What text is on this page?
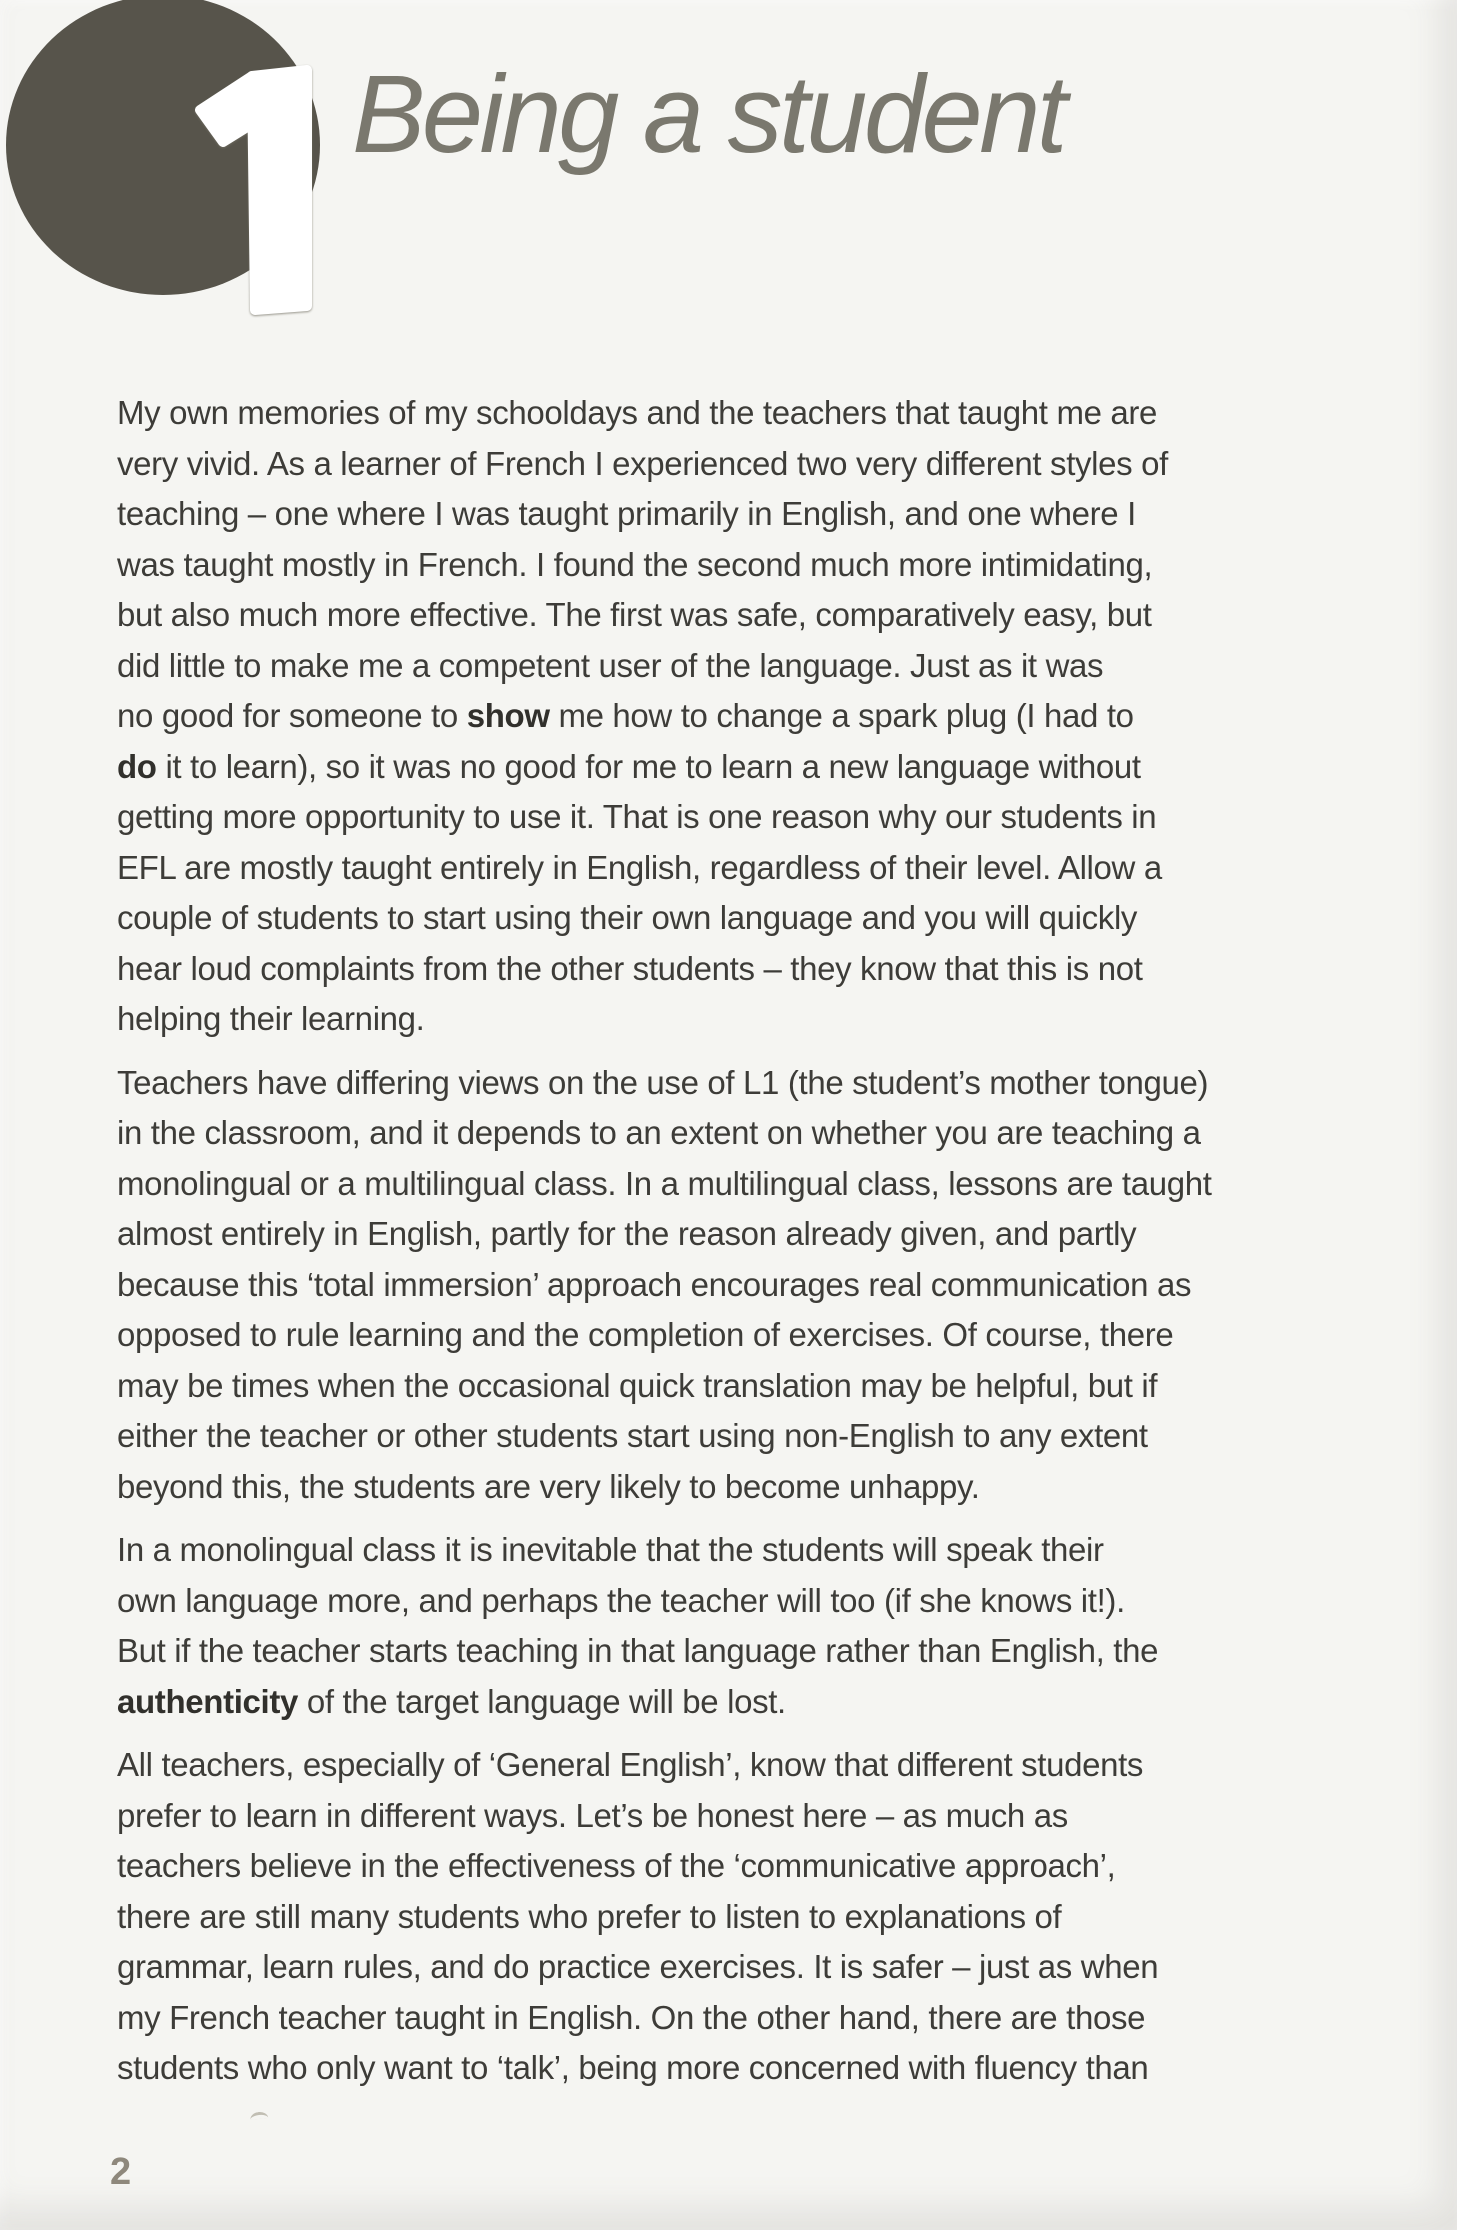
Being a student

My own memories of my schooldays and the teachers that taught me are
very vivid. As a learner of French I experienced two very different styles of
teaching – one where I was taught primarily in English, and one where I
was taught mostly in French. I found the second much more intimidating,
but also much more effective. The first was safe, comparatively easy, but
did little to make me a competent user of the language. Just as it was
no good for someone to show me how to change a spark plug (I had to
do it to learn), so it was no good for me to learn a new language without
getting more opportunity to use it. That is one reason why our students in
EFL are mostly taught entirely in English, regardless of their level. Allow a
couple of students to start using their own language and you will quickly
hear loud complaints from the other students – they know that this is not
helping their learning.

Teachers have differing views on the use of L1 (the student’s mother tongue)
in the classroom, and it depends to an extent on whether you are teaching a
monolingual or a multilingual class. In a multilingual class, lessons are taught
almost entirely in English, partly for the reason already given, and partly
because this ‘total immersion’ approach encourages real communication as
opposed to rule learning and the completion of exercises. Of course, there
may be times when the occasional quick translation may be helpful, but if
either the teacher or other students start using non-English to any extent
beyond this, the students are very likely to become unhappy.

In a monolingual class it is inevitable that the students will speak their
own language more, and perhaps the teacher will too (if she knows it!).
But if the teacher starts teaching in that language rather than English, the
authenticity of the target language will be lost.

All teachers, especially of ‘General English’, know that different students
prefer to learn in different ways. Let’s be honest here – as much as
teachers believe in the effectiveness of the ‘communicative approach’,
there are still many students who prefer to listen to explanations of
grammar, learn rules, and do practice exercises. It is safer – just as when
my French teacher taught in English. On the other hand, there are those
students who only want to ‘talk’, being more concerned with fluency than

2
